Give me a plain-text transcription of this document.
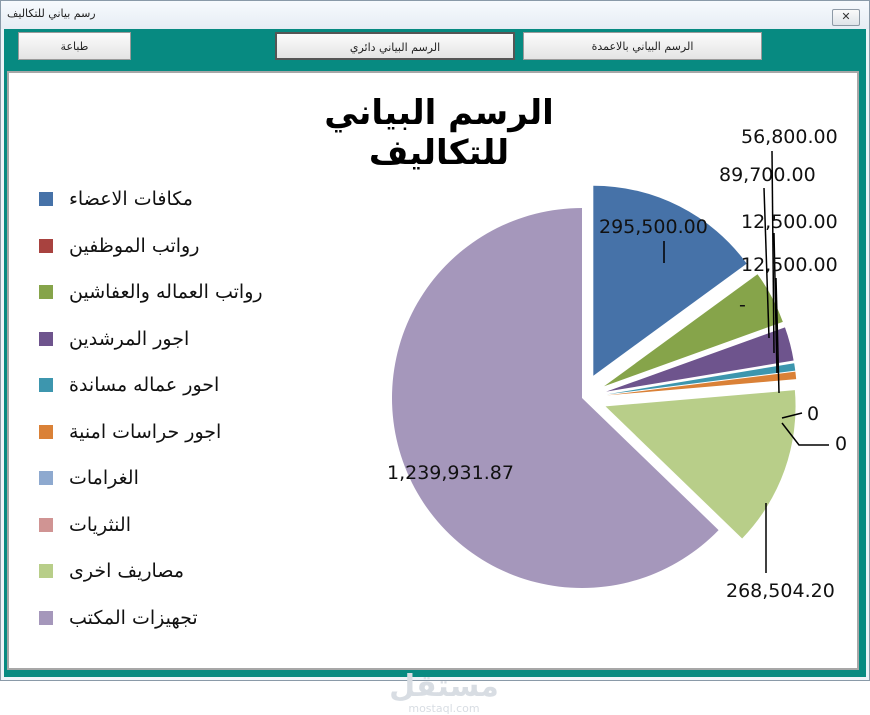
رسم بياني للتكاليف	✕
طباعة	الرسم البياني دائري	الرسم البياني بالاعمدة
الرسم البياني للتكاليف
مكافات الاعضاء
رواتب الموظفين
رواتب العماله والعفاشين
اجور المرشدين
احور عماله مساندة
اجور حراسات امنية
الغرامات
النثريات
مصاريف اخرى
تجهيزات المكتب
295,500.00
-
89,700.00
56,800.00
12,500.00
12,500.00
0
0
268,504.20
1,239,931.87
مستقل
mostaql.com
